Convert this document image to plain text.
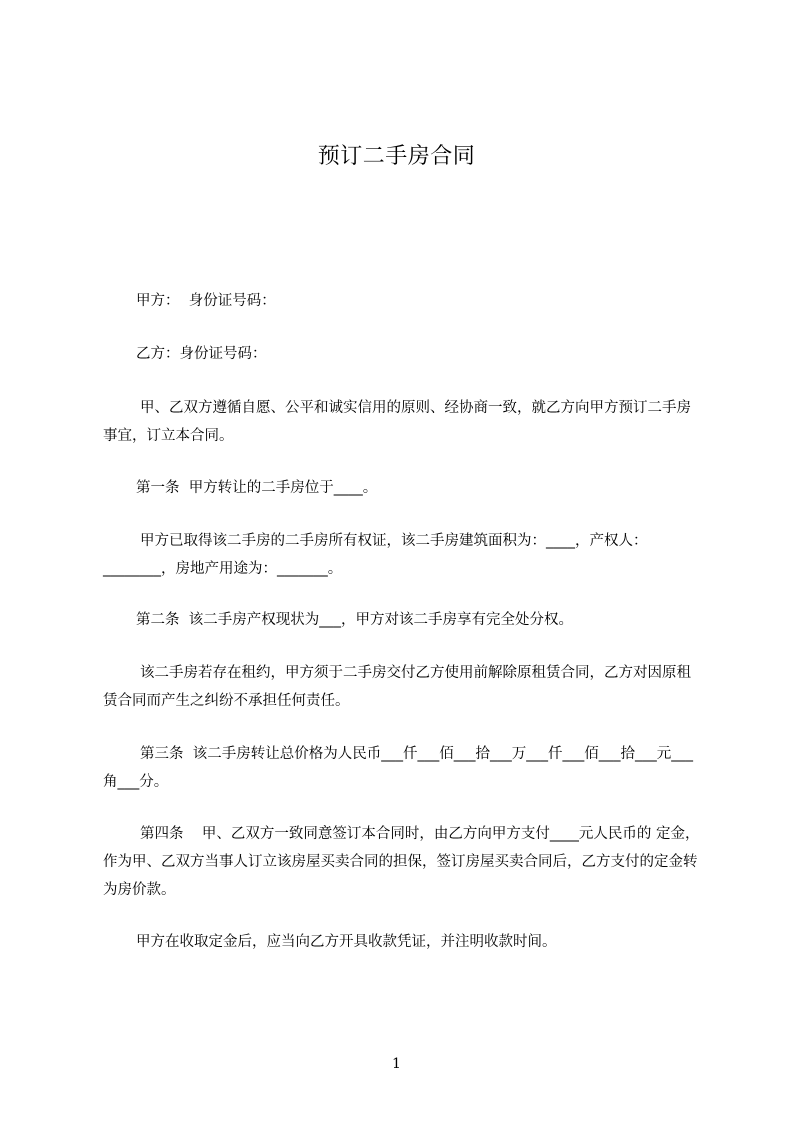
预订二手房合同

甲方：  身份证号码：

乙方：身份证号码：

甲、乙双方遵循自愿、公平和诚实信用的原则、经协商一致，就乙方向甲方预订二手房事宜，订立本合同。

第一条  甲方转让的二手房位于____。

甲方已取得该二手房的二手房所有权证，该二手房建筑面积为：____，产权人：________，房地产用途为：_______。

第二条  该二手房产权现状为___，甲方对该二手房享有完全处分权。

该二手房若存在租约，甲方须于二手房交付乙方使用前解除原租赁合同，乙方对因原租赁合同而产生之纠纷不承担任何责任。

第三条  该二手房转让总价格为人民币___仟___佰___拾___万___仟___佰___拾___元___角___分。

第四条    甲、乙双方一致同意签订本合同时，由乙方向甲方支付____元人民币的 定金，作为甲、乙双方当事人订立该房屋买卖合同的担保，签订房屋买卖合同后，乙方支付的定金转为房价款。

甲方在收取定金后，应当向乙方开具收款凭证，并注明收款时间。

1
